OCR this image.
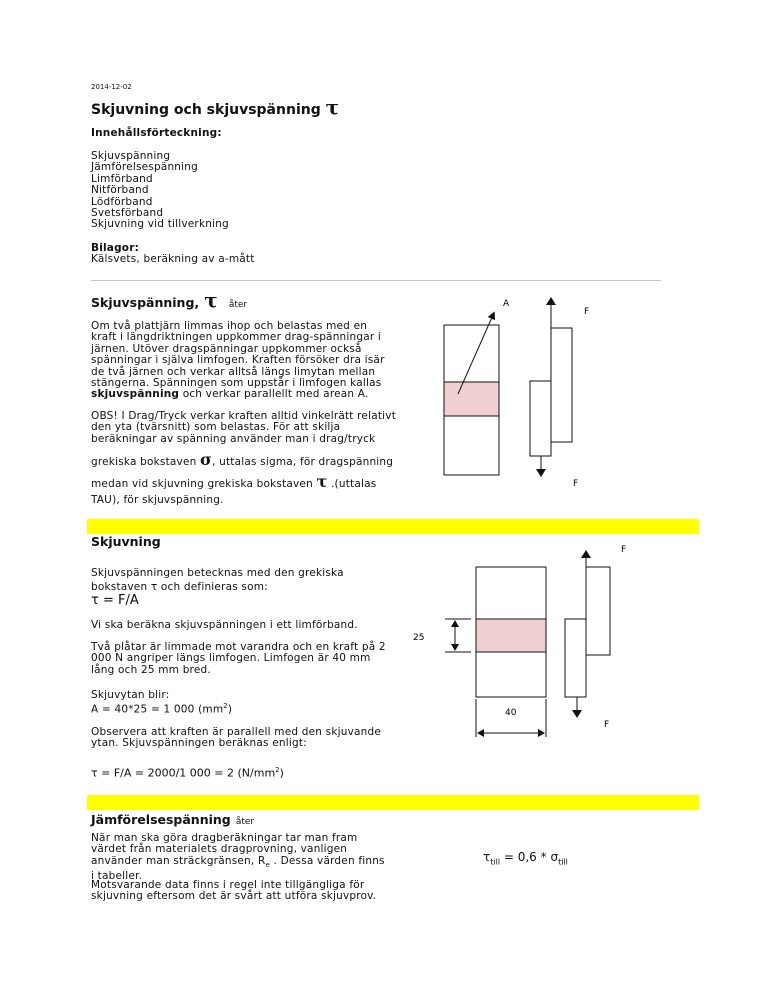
2014-12-02
Skjuvning och skjuvspänning τ
Innehållsförteckning:
Skjuvspänning
Jämförelsespänning
Limförband
Nitförband
Lödförband
Svetsförband
Skjuvning vid tillverkning
Bilagor:
Kälsvets, beräkning av a-mått
Skjuvspänning, τ åter
Om två plattjärn limmas ihop och belastas med en kraft i längdriktningen uppkommer drag-spänningar i järnen. Utöver dragspänningar uppkommer också spänningar i själva limfogen. Kraften försöker dra isär de två järnen och verkar alltså längs limytan mellan stängerna. Spänningen som uppstår i limfogen kallas skjuvspänning och verkar parallellt med arean A.
OBS! I Drag/Tryck verkar kraften alltid vinkelrätt relativt den yta (tvärsnitt) som belastas. För att skilja beräkningar av spänning använder man i drag/tryck
grekiska bokstaven σ, uttalas sigma, för dragspänning
medan vid skjuvning grekiska bokstaven τ .(uttalas TAU), för skjuvspänning.
A
F
F
Skjuvning
Skjuvspänningen betecknas med den grekiska bokstaven τ och definieras som:
τ = F/A
Vi ska beräkna skjuvspänningen i ett limförband.
Två plåtar är limmade mot varandra och en kraft på 2 000 N angriper längs limfogen. Limfogen är 40 mm lång och 25 mm bred.
Skjuvytan blir:
A = 40*25 = 1 000 $(mm^2)$
Observera att kraften är parallell med den skjuvande ytan. Skjuvspänningen beräknas enligt:
τ = F/A = 2000/1 000 = 2 $(N/mm^2)$
25
40
F
F
Jämförelsespänning åter
När man ska göra dragberäkningar tar man fram värdet från materialets dragprovning, vanligen använder man sträckgränsen, $R_e$ . Dessa värden finns i tabeller.
Motsvarande data finns i regel inte tillgängliga för skjuvning eftersom det är svårt att utföra skjuvprov.
$\tau_{till} = 0,6 * \sigma_{till}$
